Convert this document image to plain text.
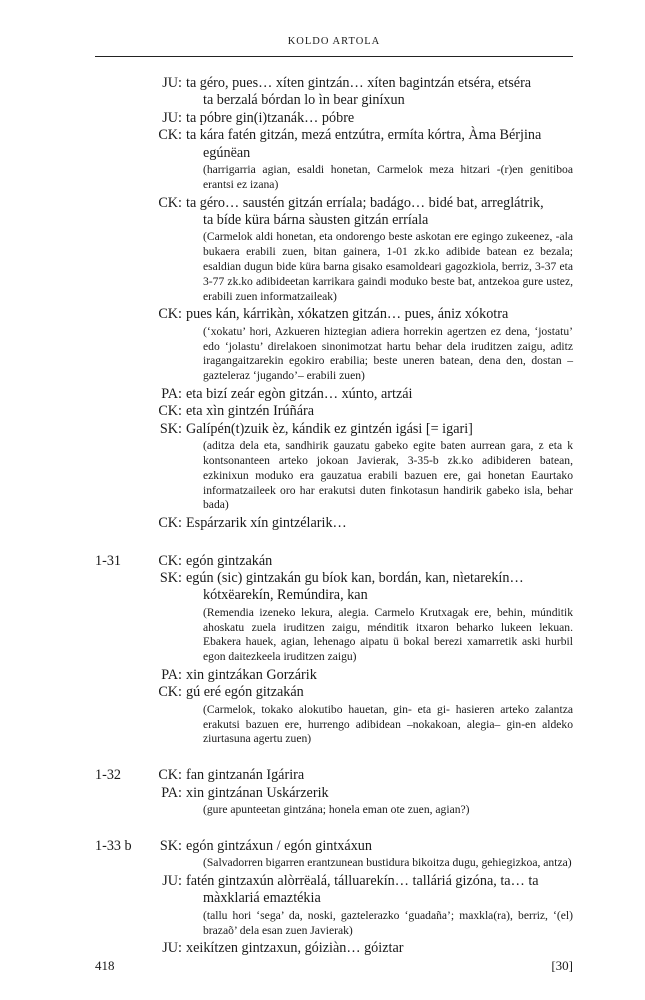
KOLDO ARTOLA
JU: ta géro, pues… xíten gintzán… xíten bagintzán etséra, etséra
ta berzalá bórdan lo ìn bear giníxun
JU: ta póbre gin(i)tzanák… póbre
CK: ta kára fatén gitzán, mezá entzútra, ermíta kórtra, Àma Bérjina
egúnëan
(harrigarria agian, esaldi honetan, Carmelok meza hitzari -(r)en genitiboa erantsi ez izana)
CK: ta géro… saustén gitzán erríala; badágo… bidé bat, arreglátrik,
ta bíde küra bárna sàusten gitzán erríala
(Carmelok aldi honetan, eta ondorengo beste askotan ere egingo zukeenez, -ala bukaera erabili zuen, bitan gainera, 1-01 zk.ko adibide batean ez bezala; esaldian dugun bide küra barna gisako esamoldeari gagozkiola, berriz, 3-37 eta 3-77 zk.ko adibideetan karrikara gaindi moduko beste bat, antzekoa gure ustez, erabili zuen informatzaileak)
CK: pues kán, kárrikàn, xókatzen gitzán… pues, ániz xókotra
(‘xokatu’ hori, Azkueren hiztegian adiera horrekin agertzen ez dena, ‘jostatu’ edo ‘jolastu’ direlakoen sinonimotzat hartu behar dela iruditzen zaigu, aditz iragangaitzarekin egokiro erabilia; beste uneren batean, dena den, dostan –gazteleraz ‘jugando’– erabili zuen)
PA: eta bizí zeár egòn gitzán… xúnto, artzái
CK: eta xìn gintzén Irúñára
SK: Galípén(t)zuik èz, kándik ez gintzén igási [= igari]
(aditza dela eta, sandhirik gauzatu gabeko egite baten aurrean gara, z eta k kontsonanteen arteko jokoan Javierak, 3-35-b zk.ko adibideren batean, ezkinixun moduko era gauzatua erabili bazuen ere, gai honetan Eaurtako informatzaileek oro har erakutsi duten finkotasun handirik gabeko isla, behar bada)
CK: Espárzarik xín gintzélarik…
1-31	CK: egón gintzakán
SK: egún (sic) gintzakán gu bíok kan, bordán, kan, nìetarekín…
kótxëarekín, Remúndira, kan
(Remendia izeneko lekura, alegia. Carmelo Krutxagak ere, behin, múnditik ahoskatu zuela iruditzen zaigu, ménditik itxaron beharko lukeen lekuan. Ebakera hauek, agian, lehenago aipatu ü bokal berezi xamarretik aski hurbil egon daitezkeela iruditzen zaigu)
PA: xin gintzákan Gorzárik
CK: gú eré egón gitzakán
(Carmelok, tokako alokutibo hauetan, gin- eta gi- hasieren arteko zalantza erakutsi bazuen ere, hurrengo adibidean –nokakoan, alegia– gin-en aldeko ziurtasuna agertu zuen)
1-32	CK: fan gintzanán Igárira
PA: xin gintzánan Uskárzerik
(gure apunteetan gintzána; honela eman ote zuen, agian?)
1-33 b	SK: egón gintzáxun / egón gintxáxun
(Salvadorren bigarren erantzunean bustidura bikoitza dugu, gehiegizkoa, antza)
JU: fatén gintzaxún alòrrëalá, tálluarekín… talláriá gizóna, ta… ta
màxklariá emaztékia
(tallu hori ‘sega’ da, noski, gaztelerazko ‘guadaña’; maxkla(ra), berriz, ‘(el) brazaõ’ dela esan zuen Javierak)
JU: xeikítzen gintzaxun, góiziàn… góiztar
418	[30]
